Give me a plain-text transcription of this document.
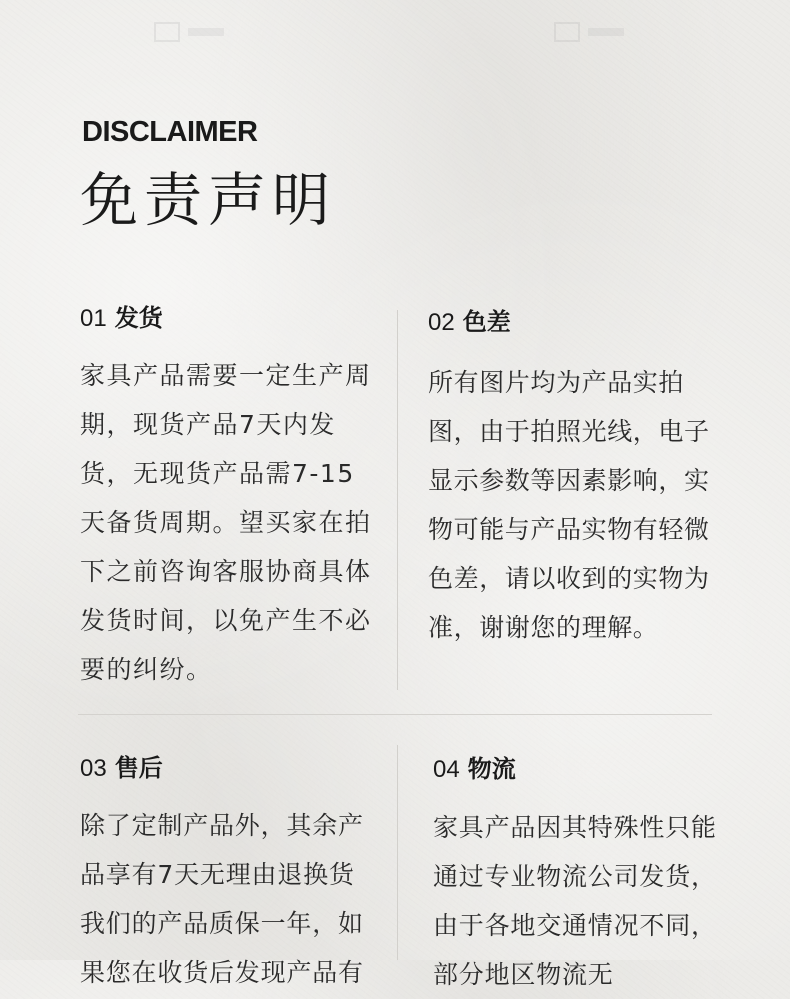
DISCLAIMER
免责声明

01 发货

家具产品需要一定生产周期，现货产品7天内发货，无现货产品需7-15天备货周期。望买家在拍下之前咨询客服协商具体发货时间，以免产生不必要的纠纷。

02 色差

所有图片均为产品实拍图，由于拍照光线，电子显示参数等因素影响，实物可能与产品实物有轻微色差，请以收到的实物为准，谢谢您的理解。

03 售后

除了定制产品外，其余产品享有7天无理由退换货我们的产品质保一年，如果您在收货后发现产品有

04 物流

家具产品因其特殊性只能通过专业物流公司发货，由于各地交通情况不同，部分地区物流无
